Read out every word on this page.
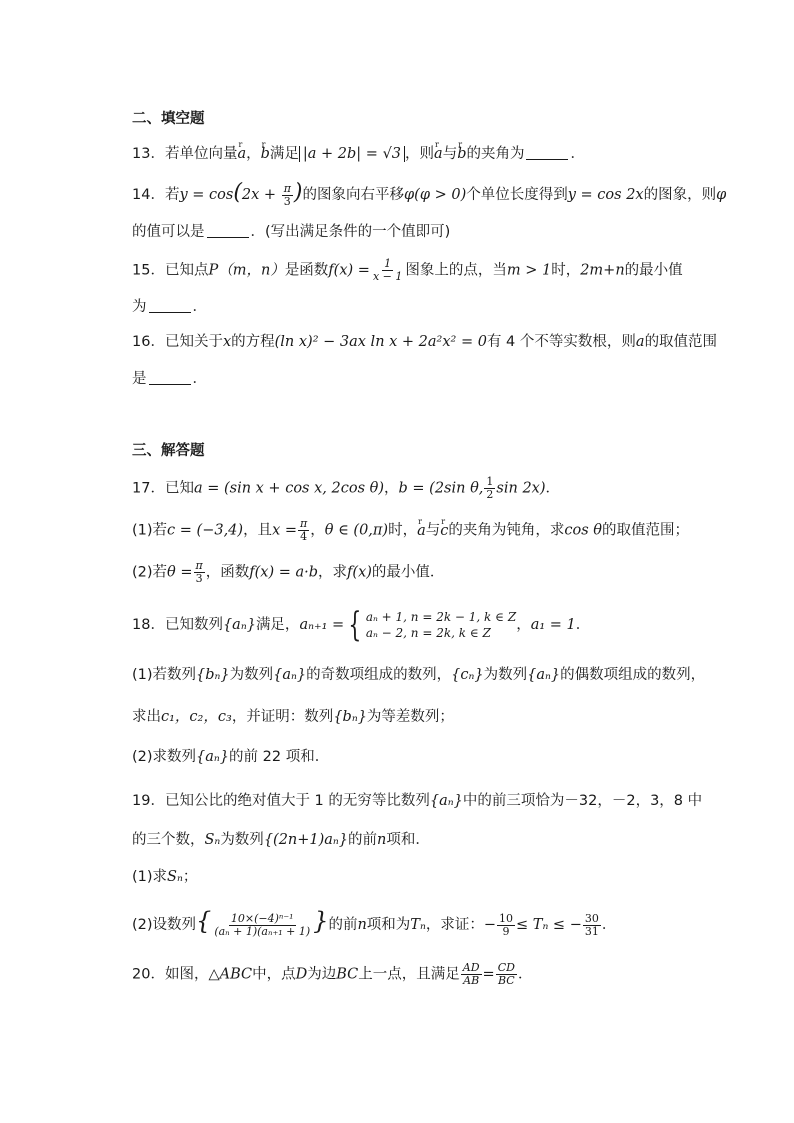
二、填空题
13．若单位向量r a，r b满足 |a + 2b| = √3 ，则r a与r b的夹角为	．
14．若$y = \cos(2x + \frac{\pi}{3}$ )的图象向右平移φ(φ > 0)个单位长度得到y = cos 2x的图象，则φ
的值可以是	．(写出满足条件的一个值即可)
15．已知点P（m，n）是函数$f(x) = \frac{1}{x - 1}$ 图象上的点，当m > 1时，2m+n的最小值
为	．
16．已知关于x的方程(ln x)² − 3ax ln x + 2a²x² = 0有 4 个不等实数根，则a的取值范围
是	．
三、解答题
17．已知a = (sin x + cos x, 2cos θ)，b = (2sin θ, $\frac{1}{2}$ sin 2x)．
(1)若c = (−3,4)，且$x = \frac{\pi}{4}$ ，θ ∈ (0,π)时，r a与r c的夹角为钝角，求cos θ的取值范围；
(2)若$\theta = \frac{\pi}{3}$ ，函数f(x) = a·b，求f(x)的最小值．
18．已知数列{aₙ}满足，aₙ₊₁ = { aₙ + 1, n = 2k − 1, k ∈ Z
aₙ − 2, n = 2k, k ∈ Z	，a₁ = 1．
(1)若数列{bₙ}为数列{aₙ}的奇数项组成的数列，{cₙ}为数列{aₙ}的偶数项组成的数列，
求出c₁，c₂，c₃，并证明：数列{bₙ}为等差数列；
(2)求数列{aₙ}的前 22 项和．
19．已知公比的绝对值大于 1 的无穷等比数列{aₙ}中的前三项恰为－32，－2，3，8 中
的三个数，Sₙ为数列{(2n+1)aₙ}的前n项和．
(1)求Sₙ；
(2)设数列{ $\frac{\text{10×(−4)ⁿ⁻¹}}{\text{(aₙ + 1)(aₙ₊₁ + 1)}}$ }的前n项和为Tₙ，求证：− $\frac{10}{9} \le T_n$ ≤ − $\frac{30}{31}$ ．
20．如图，△ABC中，点D为边BC上一点，且满足 $\frac{AD}{AB} = \frac{CD}{BC}$ ．
